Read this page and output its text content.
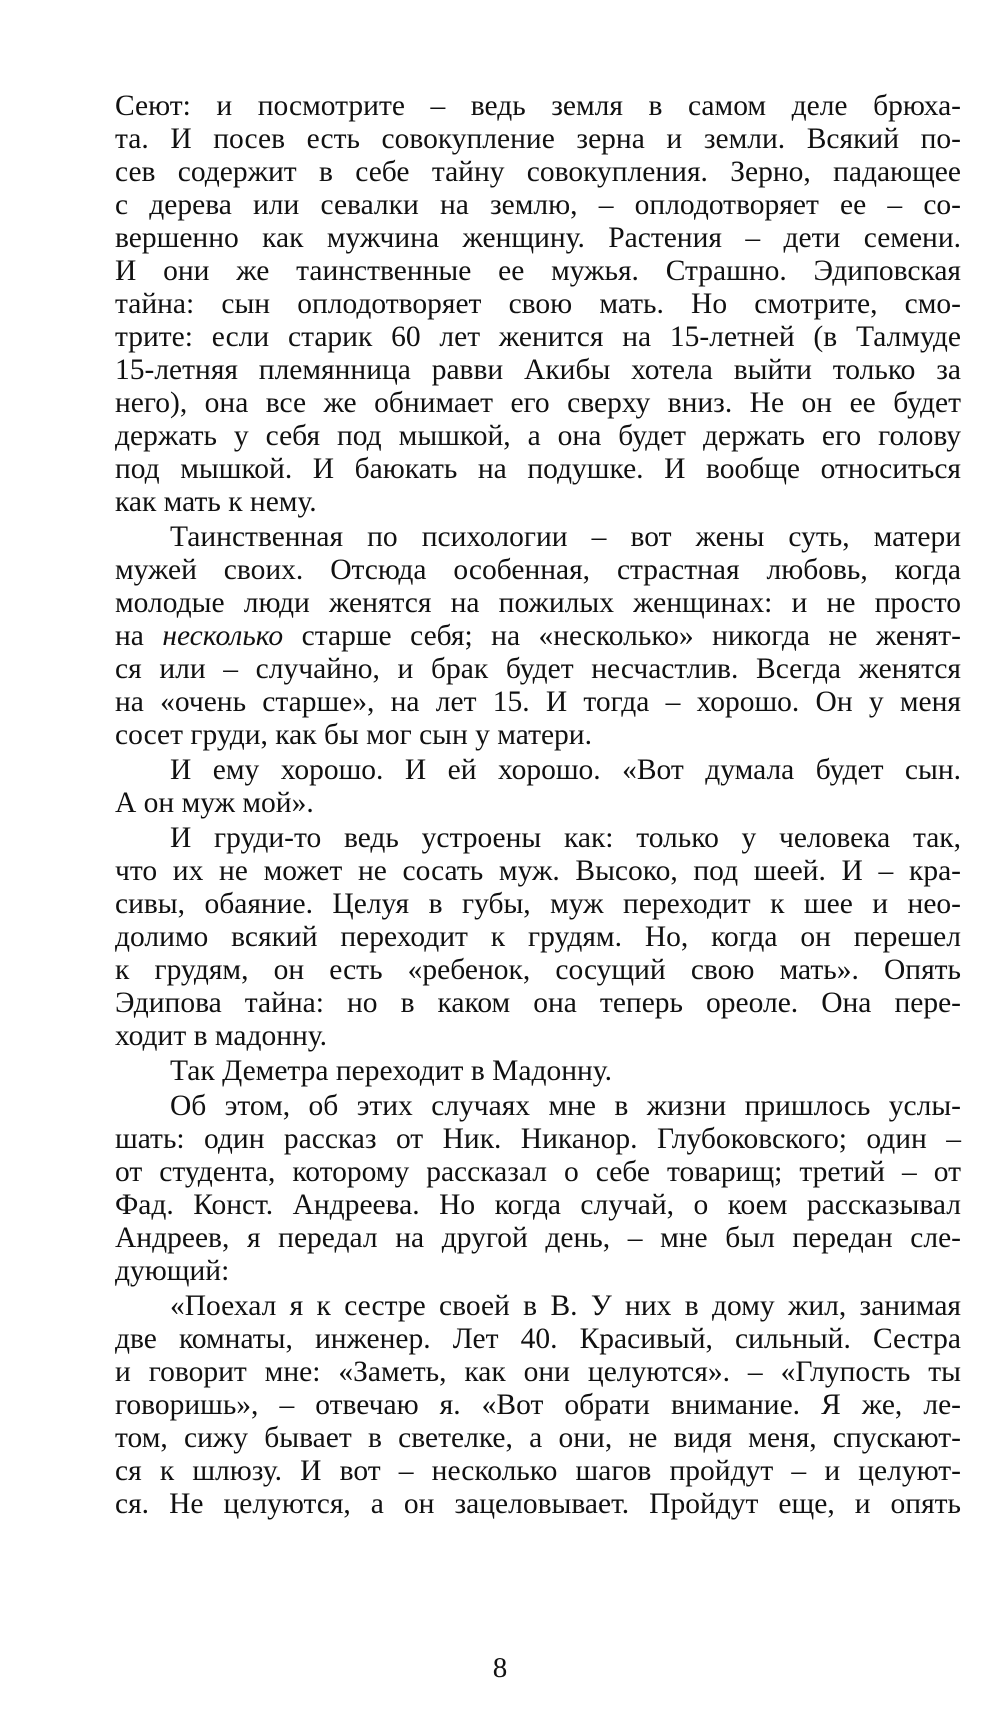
Сеют: и посмотрите – ведь земля в самом деле брюха-
та. И посев есть совокупление зерна и земли. Всякий по-
сев содержит в себе тайну совокупления. Зерно, падающее
с дерева или севалки на землю, – оплодотворяет ее – со-
вершенно как мужчина женщину. Растения – дети семени.
И они же таинственные ее мужья. Страшно. Эдиповская
тайна: сын оплодотворяет свою мать. Но смотрите, смо-
трите: если старик 60 лет женится на 15-летней (в Талмуде
15-летняя племянница равви Акибы хотела выйти только за
него), она все же обнимает его сверху вниз. Не он ее будет
держать у себя под мышкой, а она будет держать его голову
под мышкой. И баюкать на подушке. И вообще относиться
как мать к нему.
Таинственная по психологии – вот жены суть, матери
мужей своих. Отсюда особенная, страстная любовь, когда
молодые люди женятся на пожилых женщинах: и не просто
на несколько старше себя; на «несколько» никогда не женят-
ся или – случайно, и брак будет несчастлив. Всегда женятся
на «очень старше», на лет 15. И тогда – хорошо. Он у меня
сосет груди, как бы мог сын у матери.
И ему хорошо. И ей хорошо. «Вот думала будет сын.
А он муж мой».
И груди-то ведь устроены как: только у человека так,
что их не может не сосать муж. Высоко, под шеей. И – кра-
сивы, обаяние. Целуя в губы, муж переходит к шее и нео-
долимо всякий переходит к грудям. Но, когда он перешел
к грудям, он есть «ребенок, сосущий свою мать». Опять
Эдипова тайна: но в каком она теперь ореоле. Она пере-
ходит в мадонну.
Так Деметра переходит в Мадонну.
Об этом, об этих случаях мне в жизни пришлось услы-
шать: один рассказ от Ник. Никанор. Глубоковского; один –
от студента, которому рассказал о себе товарищ; третий – от
Фад. Конст. Андреева. Но когда случай, о коем рассказывал
Андреев, я передал на другой день, – мне был передан сле-
дующий:
«Поехал я к сестре своей в В. У них в дому жил, занимая
две комнаты, инженер. Лет 40. Красивый, сильный. Сестра
и говорит мне: «Заметь, как они целуются». – «Глупость ты
говоришь», – отвечаю я. «Вот обрати внимание. Я же, ле-
том, сижу бывает в светелке, а они, не видя меня, спускают-
ся к шлюзу. И вот – несколько шагов пройдут – и целуют-
ся. Не целуются, а он зацеловывает. Пройдут еще, и опять
8
